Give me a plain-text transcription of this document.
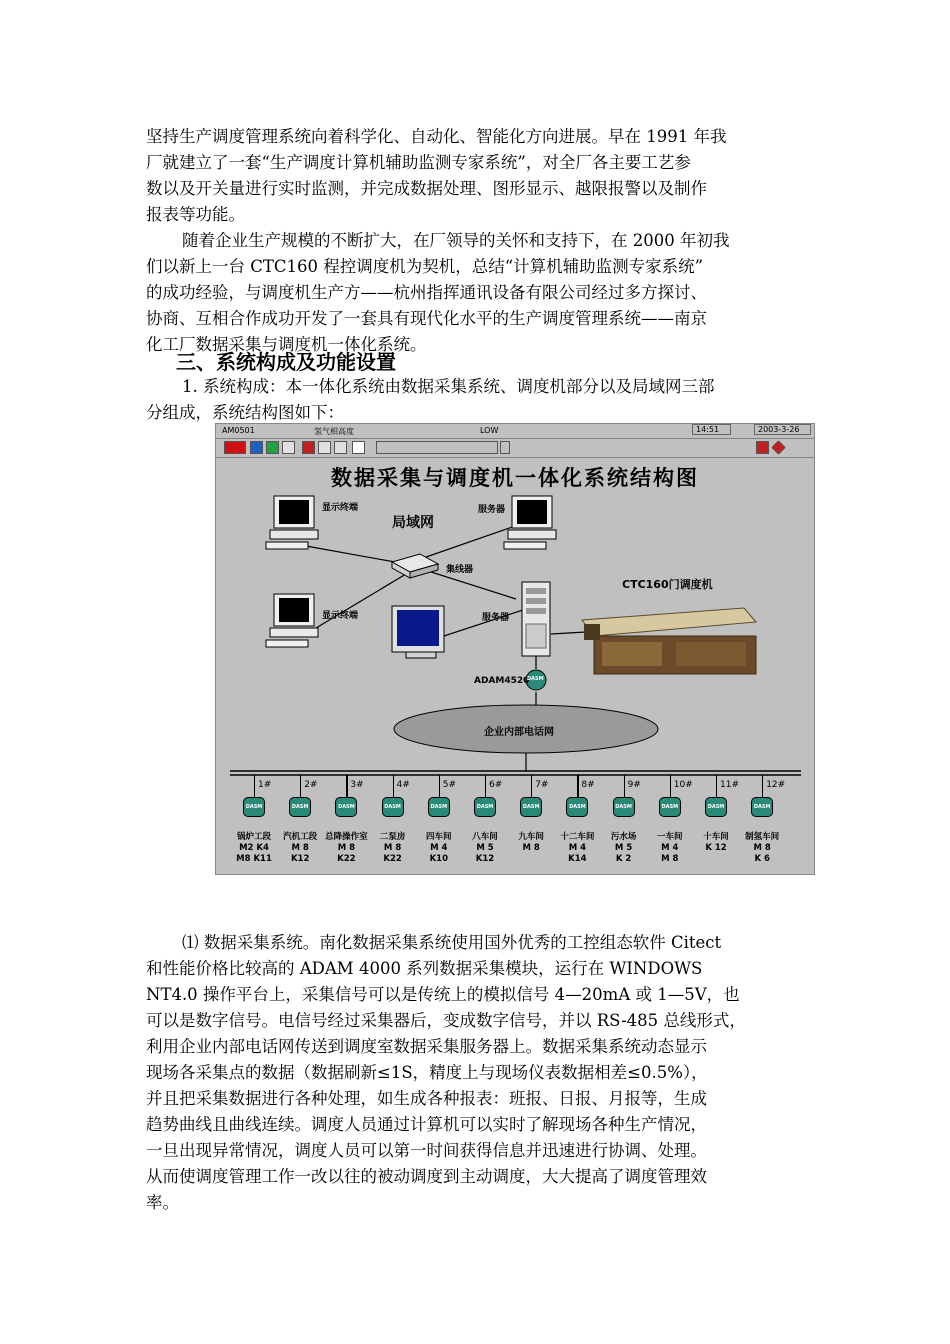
坚持生产调度管理系统向着科学化、自动化、智能化方向进展。早在 1991 年我
厂就建立了一套“生产调度计算机辅助监测专家系统”，对全厂各主要工艺参
数以及开关量进行实时监测，并完成数据处理、图形显示、越限报警以及制作
报表等功能。
随着企业生产规模的不断扩大，在厂领导的关怀和支持下，在 2000 年初我
们以新上一台 CTC160 程控调度机为契机，总结“计算机辅助监测专家系统”
的成功经验，与调度机生产方——杭州指挥通讯设备有限公司经过多方探讨、
协商、互相合作成功开发了一套具有现代化水平的生产调度管理系统——南京
化工厂数据采集与调度机一体化系统。
三、系统构成及功能设置
1. 系统构成：本一体化系统由数据采集系统、调度机部分以及局域网三部
分组成，系统结构图如下：
AM0501	氢气相高度	LOW	14:51	2003-3-26
数据采集与调度机一体化系统结构图
显示终端
显示终端
服务器
局域网
集线器
服务器
CTC160门调度机
ADAM4520
企业内部电话网
DASM
1#
DASM
锅炉工段
M2 K4
M8 K11
2#
DASM
汽机工段
M 8
K12
3#
DASM
总降操作室
M 8
K22
4#
DASM
二泵房
M 8
K22
5#
DASM
四车间
M 4
K10
6#
DASM
八车间
M 5
K12
7#
DASM
九车间
M 8
8#
DASM
十二车间
M 4
K14
9#
DASM
污水场
M 5
K 2
10#
DASM
一车间
M 4
M 8
11#
DASM
十车间
K 12
12#
DASM
制氢车间
M 8
K 6
⑴ 数据采集系统。南化数据采集系统使用国外优秀的工控组态软件 Citect
和性能价格比较高的 ADAM 4000 系列数据采集模块，运行在 WINDOWS
NT4.0 操作平台上，采集信号可以是传统上的模拟信号 4—20mA 或 1—5V，也
可以是数字信号。电信号经过采集器后，变成数字信号，并以 RS-485 总线形式，
利用企业内部电话网传送到调度室数据采集服务器上。数据采集系统动态显示
现场各采集点的数据（数据刷新≤1S，精度上与现场仪表数据相差≤0.5%），
并且把采集数据进行各种处理，如生成各种报表：班报、日报、月报等，生成
趋势曲线且曲线连续。调度人员通过计算机可以实时了解现场各种生产情况，
一旦出现异常情况，调度人员可以第一时间获得信息并迅速进行协调、处理。
从而使调度管理工作一改以往的被动调度到主动调度，大大提高了调度管理效
率。
